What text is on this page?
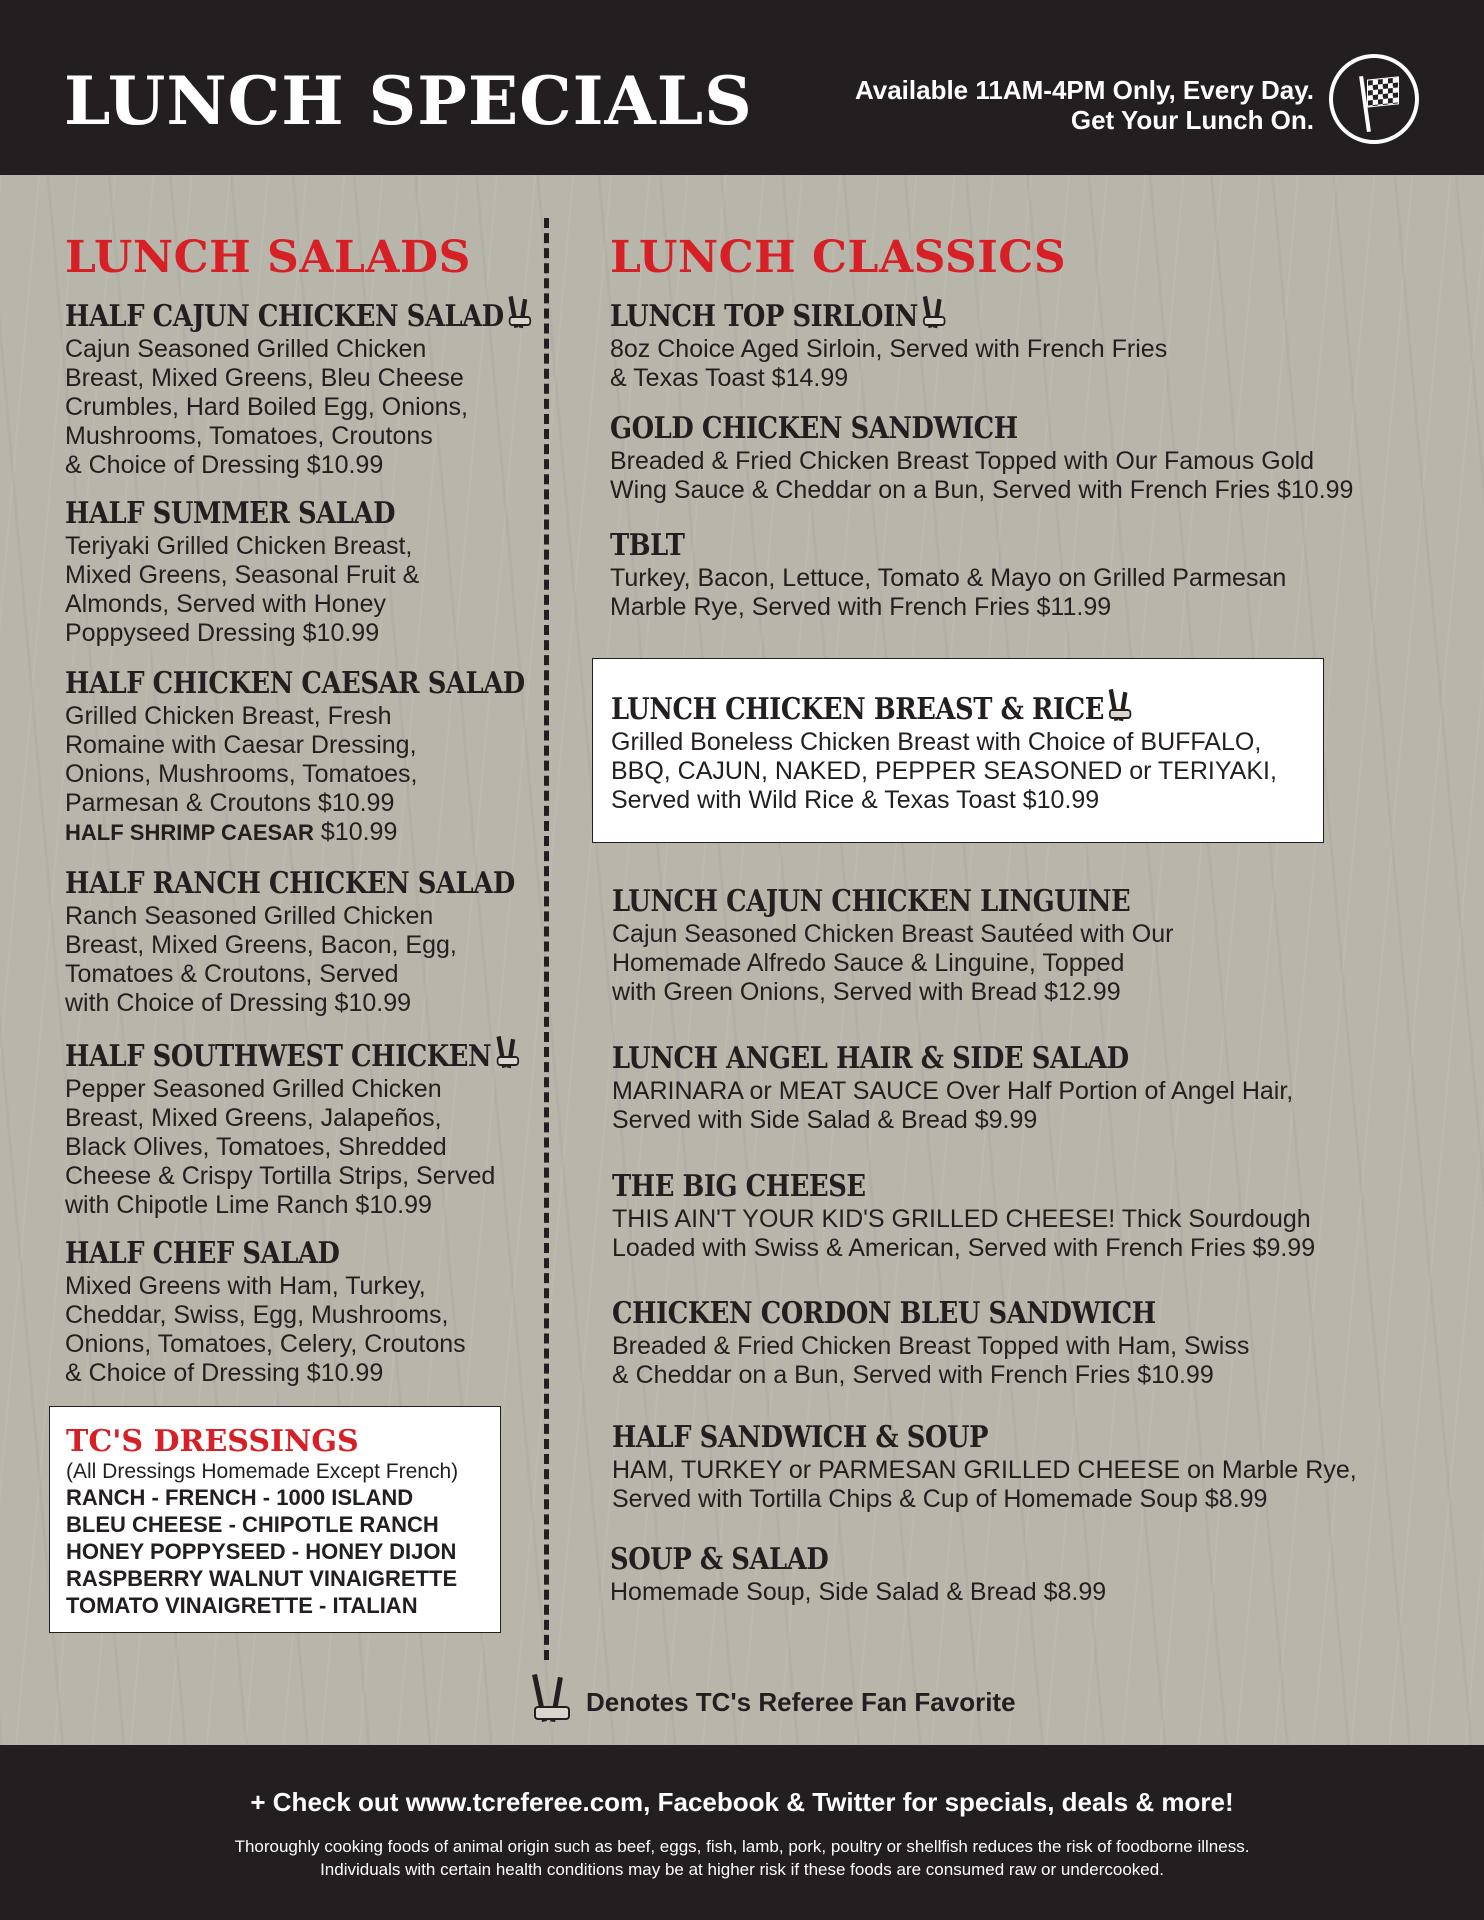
LUNCH SPECIALS	Available 11AM-4PM Only, Every Day.
Get Your Lunch On.
LUNCH SALADS
HALF CAJUN CHICKEN SALAD
Cajun Seasoned Grilled Chicken
Breast, Mixed Greens, Bleu Cheese
Crumbles, Hard Boiled Egg, Onions,
Mushrooms, Tomatoes, Croutons
& Choice of Dressing $10.99
HALF SUMMER SALAD
Teriyaki Grilled Chicken Breast,
Mixed Greens, Seasonal Fruit &
Almonds, Served with Honey
Poppyseed Dressing $10.99
HALF CHICKEN CAESAR SALAD
Grilled Chicken Breast, Fresh
Romaine with Caesar Dressing,
Onions, Mushrooms, Tomatoes,
Parmesan & Croutons $10.99
HALF SHRIMP CAESAR $10.99
HALF RANCH CHICKEN SALAD
Ranch Seasoned Grilled Chicken
Breast, Mixed Greens, Bacon, Egg,
Tomatoes & Croutons, Served
with Choice of Dressing $10.99
HALF SOUTHWEST CHICKEN
Pepper Seasoned Grilled Chicken
Breast, Mixed Greens, Jalapeños,
Black Olives, Tomatoes, Shredded
Cheese & Crispy Tortilla Strips, Served
with Chipotle Lime Ranch $10.99
HALF CHEF SALAD
Mixed Greens with Ham, Turkey,
Cheddar, Swiss, Egg, Mushrooms,
Onions, Tomatoes, Celery, Croutons
& Choice of Dressing $10.99
TC'S DRESSINGS
(All Dressings Homemade Except French)
RANCH - FRENCH - 1000 ISLAND
BLEU CHEESE - CHIPOTLE RANCH
HONEY POPPYSEED - HONEY DIJON
RASPBERRY WALNUT VINAIGRETTE
TOMATO VINAIGRETTE - ITALIAN
LUNCH CLASSICS
LUNCH TOP SIRLOIN
8oz Choice Aged Sirloin, Served with French Fries
& Texas Toast $14.99
GOLD CHICKEN SANDWICH
Breaded & Fried Chicken Breast Topped with Our Famous Gold
Wing Sauce & Cheddar on a Bun, Served with French Fries $10.99
TBLT
Turkey, Bacon, Lettuce, Tomato & Mayo on Grilled Parmesan
Marble Rye, Served with French Fries $11.99
LUNCH CHICKEN BREAST & RICE
Grilled Boneless Chicken Breast with Choice of BUFFALO,
BBQ, CAJUN, NAKED, PEPPER SEASONED or TERIYAKI,
Served with Wild Rice & Texas Toast $10.99
LUNCH CAJUN CHICKEN LINGUINE
Cajun Seasoned Chicken Breast Sautéed with Our
Homemade Alfredo Sauce & Linguine, Topped
with Green Onions, Served with Bread $12.99
LUNCH ANGEL HAIR & SIDE SALAD
MARINARA or MEAT SAUCE Over Half Portion of Angel Hair,
Served with Side Salad & Bread $9.99
THE BIG CHEESE
THIS AIN'T YOUR KID'S GRILLED CHEESE! Thick Sourdough
Loaded with Swiss & American, Served with French Fries $9.99
CHICKEN CORDON BLEU SANDWICH
Breaded & Fried Chicken Breast Topped with Ham, Swiss
& Cheddar on a Bun, Served with French Fries $10.99
HALF SANDWICH & SOUP
HAM, TURKEY or PARMESAN GRILLED CHEESE on Marble Rye,
Served with Tortilla Chips & Cup of Homemade Soup $8.99
SOUP & SALAD
Homemade Soup, Side Salad & Bread $8.99
Denotes TC's Referee Fan Favorite
+ Check out www.tcreferee.com, Facebook & Twitter for specials, deals & more!
Thoroughly cooking foods of animal origin such as beef, eggs, fish, lamb, pork, poultry or shellfish reduces the risk of foodborne illness.
Individuals with certain health conditions may be at higher risk if these foods are consumed raw or undercooked.
